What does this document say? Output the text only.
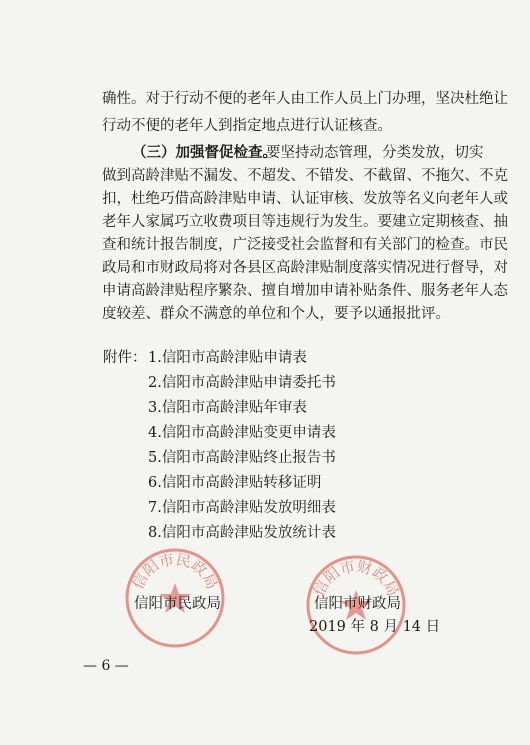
确性。对于行动不便的老年人由工作人员上门办理，坚决杜绝让
行动不便的老年人到指定地点进行认证核查。
（三）加强督促检查。
要坚持动态管理，分类发放，切实
做到高龄津贴不漏发、不超发、不错发、不截留、不拖欠、不克
扣，杜绝巧借高龄津贴申请、认证审核、发放等名义向老年人或
老年人家属巧立收费项目等违规行为发生。要建立定期核查、抽
查和统计报告制度，广泛接受社会监督和有关部门的检查。市民
政局和市财政局将对各县区高龄津贴制度落实情况进行督导，对
申请高龄津贴程序繁杂、擅自增加申请补贴条件、服务老年人态
度较差、群众不满意的单位和个人，要予以通报批评。
附件： 1.信阳市高龄津贴申请表
2.信阳市高龄津贴申请委托书
3.信阳市高龄津贴年审表
4.信阳市高龄津贴变更申请表
5.信阳市高龄津贴终止报告书
6.信阳市高龄津贴转移证明
7.信阳市高龄津贴发放明细表
8.信阳市高龄津贴发放统计表
信阳市民政局	信阳市财政局
信阳市民政局	信阳市财政局
2019 年 8 月 14 日
— 6 —
